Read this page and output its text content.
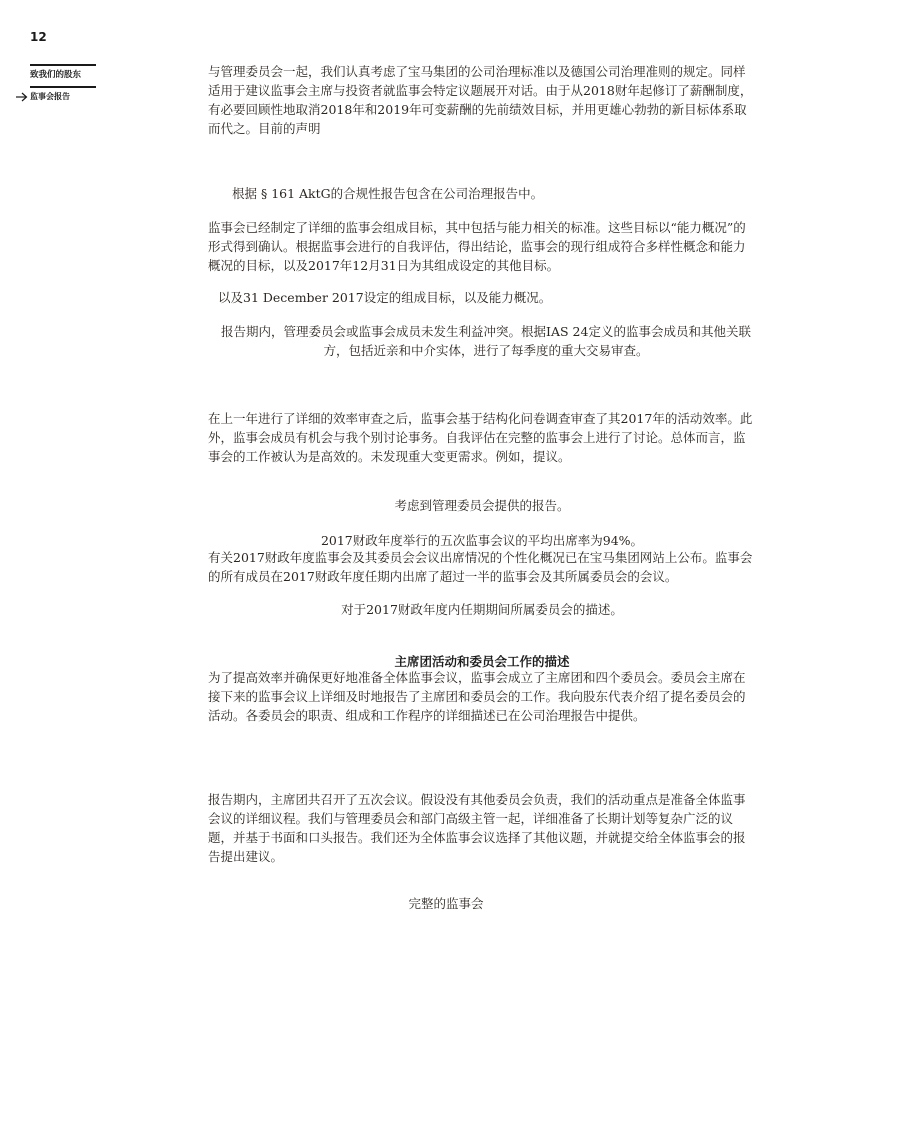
12
致我们的股东
监事会报告

与管理委员会一起，我们认真考虑了宝马集团的公司治理标准以及德国公司治理准则的规定。同样适用于建议监事会主席与投资者就监事会特定议题展开对话。由于从2018财年起修订了薪酬制度，有必要回顾性地取消2018年和2019年可变薪酬的先前绩效目标，并用更雄心勃勃的新目标体系取而代之。目前的声明

根据 § 161 AktG的合规性报告包含在公司治理报告中。

监事会已经制定了详细的监事会组成目标，其中包括与能力相关的标准。这些目标以“能力概况”的形式得到确认。根据监事会进行的自我评估，得出结论，监事会的现行组成符合多样性概念和能力概况的目标，以及2017年12月31日为其组成设定的其他目标。

以及31 December 2017设定的组成目标，以及能力概况。

报告期内，管理委员会或监事会成员未发生利益冲突。根据IAS 24定义的监事会成员和其他关联方，包括近亲和中介实体，进行了每季度的重大交易审查。

在上一年进行了详细的效率审查之后，监事会基于结构化问卷调查审查了其2017年的活动效率。此外，监事会成员有机会与我个别讨论事务。自我评估在完整的监事会上进行了讨论。总体而言，监事会的工作被认为是高效的。未发现重大变更需求。例如，提议。

考虑到管理委员会提供的报告。

2017财政年度举行的五次监事会议的平均出席率为94%。

有关2017财政年度监事会及其委员会会议出席情况的个性化概况已在宝马集团网站上公布。监事会的所有成员在2017财政年度任期内出席了超过一半的监事会及其所属委员会的会议。

对于2017财政年度内任期期间所属委员会的描述。

主席团活动和委员会工作的描述

为了提高效率并确保更好地准备全体监事会议，监事会成立了主席团和四个委员会。委员会主席在接下来的监事会议上详细及时地报告了主席团和委员会的工作。我向股东代表介绍了提名委员会的活动。各委员会的职责、组成和工作程序的详细描述已在公司治理报告中提供。

报告期内，主席团共召开了五次会议。假设没有其他委员会负责，我们的活动重点是准备全体监事会议的详细议程。我们与管理委员会和部门高级主管一起，详细准备了长期计划等复杂广泛的议题，并基于书面和口头报告。我们还为全体监事会议选择了其他议题，并就提交给全体监事会的报告提出建议。

完整的监事会
